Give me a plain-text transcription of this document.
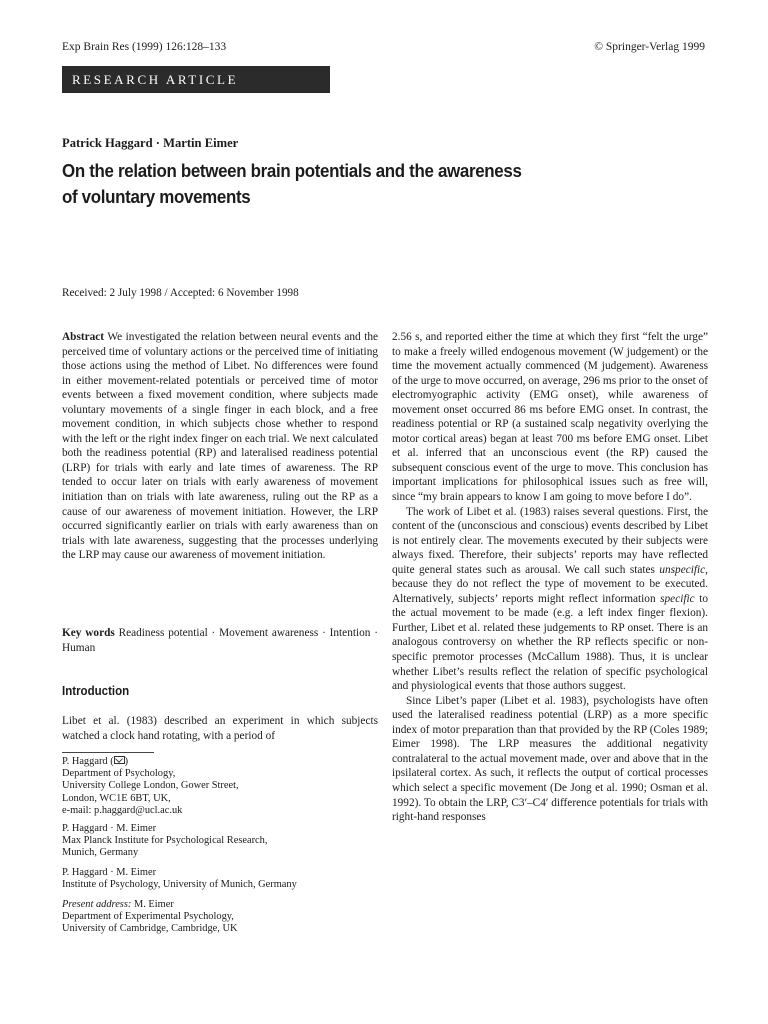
Exp Brain Res (1999) 126:128–133	© Springer-Verlag 1999
RESEARCH ARTICLE
Patrick Haggard · Martin Eimer
On the relation between brain potentials and the awareness
of voluntary movements
Received: 2 July 1998 / Accepted: 6 November 1998

Abstract We investigated the relation between neural events and the perceived time of voluntary actions or the perceived time of initiating those actions using the method of Libet. No differences were found in either movement-related potentials or perceived time of motor events between a fixed movement condition, where subjects made voluntary movements of a single finger in each block, and a free movement condition, in which subjects chose whether to respond with the left or the right index finger on each trial. We next calculated both the readiness potential (RP) and lateralised readiness potential (LRP) for trials with early and late times of awareness. The RP tended to occur later on trials with early awareness of movement initiation than on trials with late awareness, ruling out the RP as a cause of our awareness of movement initiation. However, the LRP occurred significantly earlier on trials with early awareness than on trials with late awareness, suggesting that the processes underlying the LRP may cause our awareness of movement initiation.

Key words Readiness potential · Movement awareness · Intention · Human

Introduction

Libet et al. (1983) described an experiment in which subjects watched a clock hand rotating, with a period of

P. Haggard ( )

Department of Psychology,

University College London, Gower Street,

London, WC1E 6BT, UK,

e-mail: p.haggard@ucl.ac.uk

P. Haggard · M. Eimer

Max Planck Institute for Psychological Research,

Munich, Germany

P. Haggard · M. Eimer

Institute of Psychology, University of Munich, Germany

Present address: M. Eimer

Department of Experimental Psychology,

University of Cambridge, Cambridge, UK

2.56 s, and reported either the time at which they first “felt the urge” to make a freely willed endogenous movement (W judgement) or the time the movement actually commenced (M judgement). Awareness of the urge to move occurred, on average, 296 ms prior to the onset of electromyographic activity (EMG onset), while awareness of movement onset occurred 86 ms before EMG onset. In contrast, the readiness potential or RP (a sustained scalp negativity overlying the motor cortical areas) began at least 700 ms before EMG onset. Libet et al. inferred that an unconscious event (the RP) caused the subsequent conscious event of the urge to move. This conclusion has important implications for philosophical issues such as free will, since “my brain appears to know I am going to move before I do”.

The work of Libet et al. (1983) raises several questions. First, the content of the (unconscious and conscious) events described by Libet is not entirely clear. The movements executed by their subjects were always fixed. Therefore, their subjects’ reports may have reflected quite general states such as arousal. We call such states unspecific, because they do not reflect the type of movement to be executed. Alternatively, subjects’ reports might reflect information specific to the actual movement to be made (e.g. a left index finger flexion). Further, Libet et al. related these judgements to RP onset. There is an analogous controversy on whether the RP reflects specific or non-specific premotor processes (McCallum 1988). Thus, it is unclear whether Libet’s results reflect the relation of specific psychological and physiological events that those authors suggest.

Since Libet’s paper (Libet et al. 1983), psychologists have often used the lateralised readiness potential (LRP) as a more specific index of motor preparation than that provided by the RP (Coles 1989; Eimer 1998). The LRP measures the additional negativity contralateral to the actual movement made, over and above that in the ipsilateral cortex. As such, it reflects the output of cortical processes which select a specific movement (De Jong et al. 1990; Osman et al. 1992). To obtain the LRP, C3′–C4′ difference potentials for trials with right-hand responses
